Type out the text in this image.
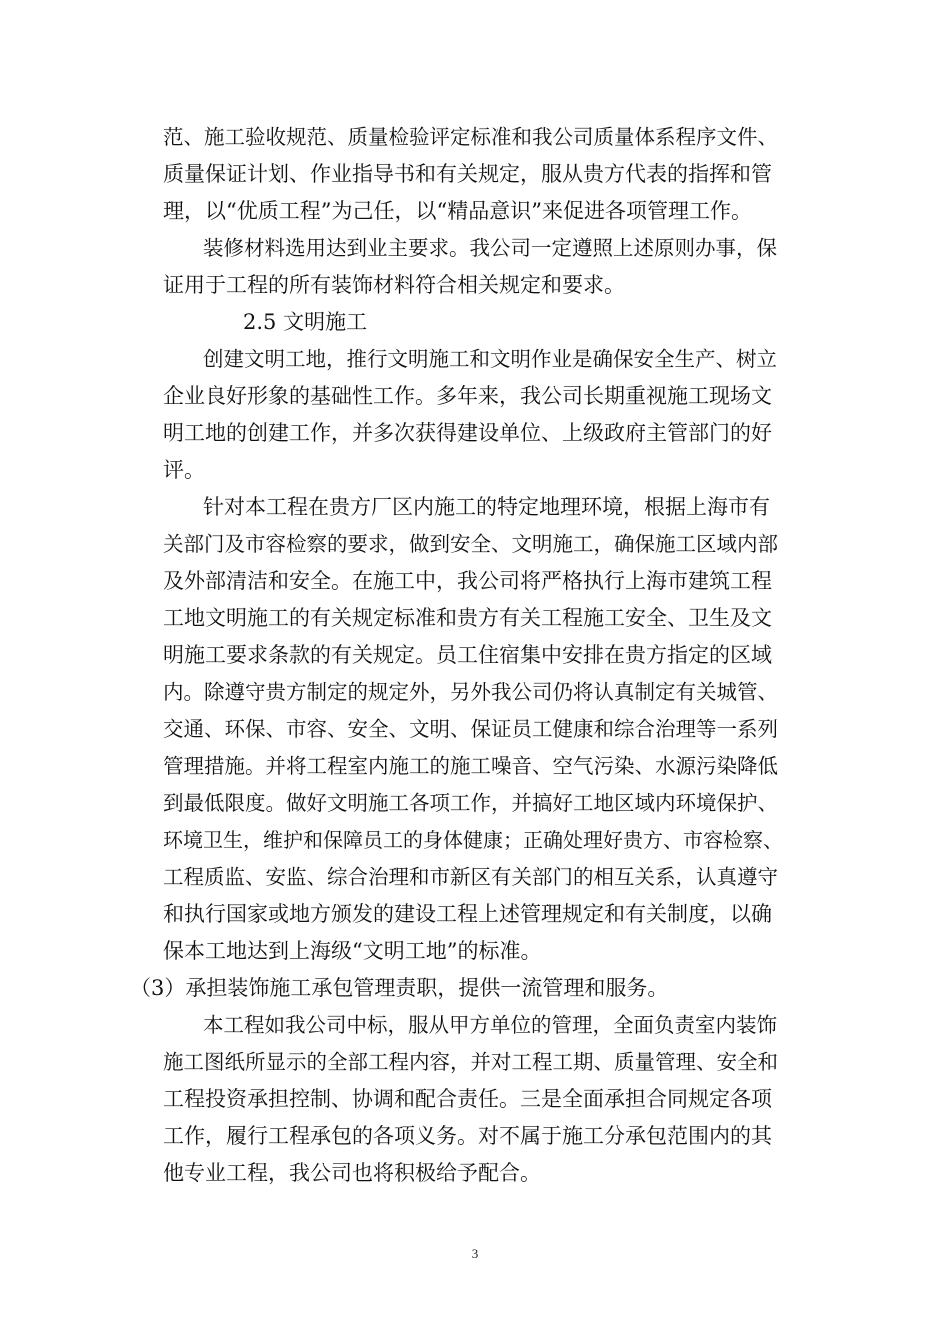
范、施工验收规范、质量检验评定标准和我公司质量体系程序文件、
质量保证计划、作业指导书和有关规定，服从贵方代表的指挥和管
理，以“优质工程”为己任，以“精品意识”来促进各项管理工作。
装修材料选用达到业主要求。我公司一定遵照上述原则办事，保
证用于工程的所有装饰材料符合相关规定和要求。
2.5 文明施工
创建文明工地，推行文明施工和文明作业是确保安全生产、树立
企业良好形象的基础性工作。多年来，我公司长期重视施工现场文
明工地的创建工作，并多次获得建设单位、上级政府主管部门的好
评。
针对本工程在贵方厂区内施工的特定地理环境，根据上海市有
关部门及市容检察的要求，做到安全、文明施工，确保施工区域内部
及外部清洁和安全。在施工中，我公司将严格执行上海市建筑工程
工地文明施工的有关规定标准和贵方有关工程施工安全、卫生及文
明施工要求条款的有关规定。员工住宿集中安排在贵方指定的区域
内。除遵守贵方制定的规定外，另外我公司仍将认真制定有关城管、
交通、环保、市容、安全、文明、保证员工健康和综合治理等一系列
管理措施。并将工程室内施工的施工噪音、空气污染、水源污染降低
到最低限度。做好文明施工各项工作，并搞好工地区域内环境保护、
环境卫生，维护和保障员工的身体健康；正确处理好贵方、市容检察、
工程质监、安监、综合治理和市新区有关部门的相互关系，认真遵守
和执行国家或地方颁发的建设工程上述管理规定和有关制度，以确
保本工地达到上海级“文明工地”的标准。
（3）承担装饰施工承包管理责职，提供一流管理和服务。
本工程如我公司中标，服从甲方单位的管理，全面负责室内装饰
施工图纸所显示的全部工程内容，并对工程工期、质量管理、安全和
工程投资承担控制、协调和配合责任。三是全面承担合同规定各项
工作，履行工程承包的各项义务。对不属于施工分承包范围内的其
他专业工程，我公司也将积极给予配合。
3
